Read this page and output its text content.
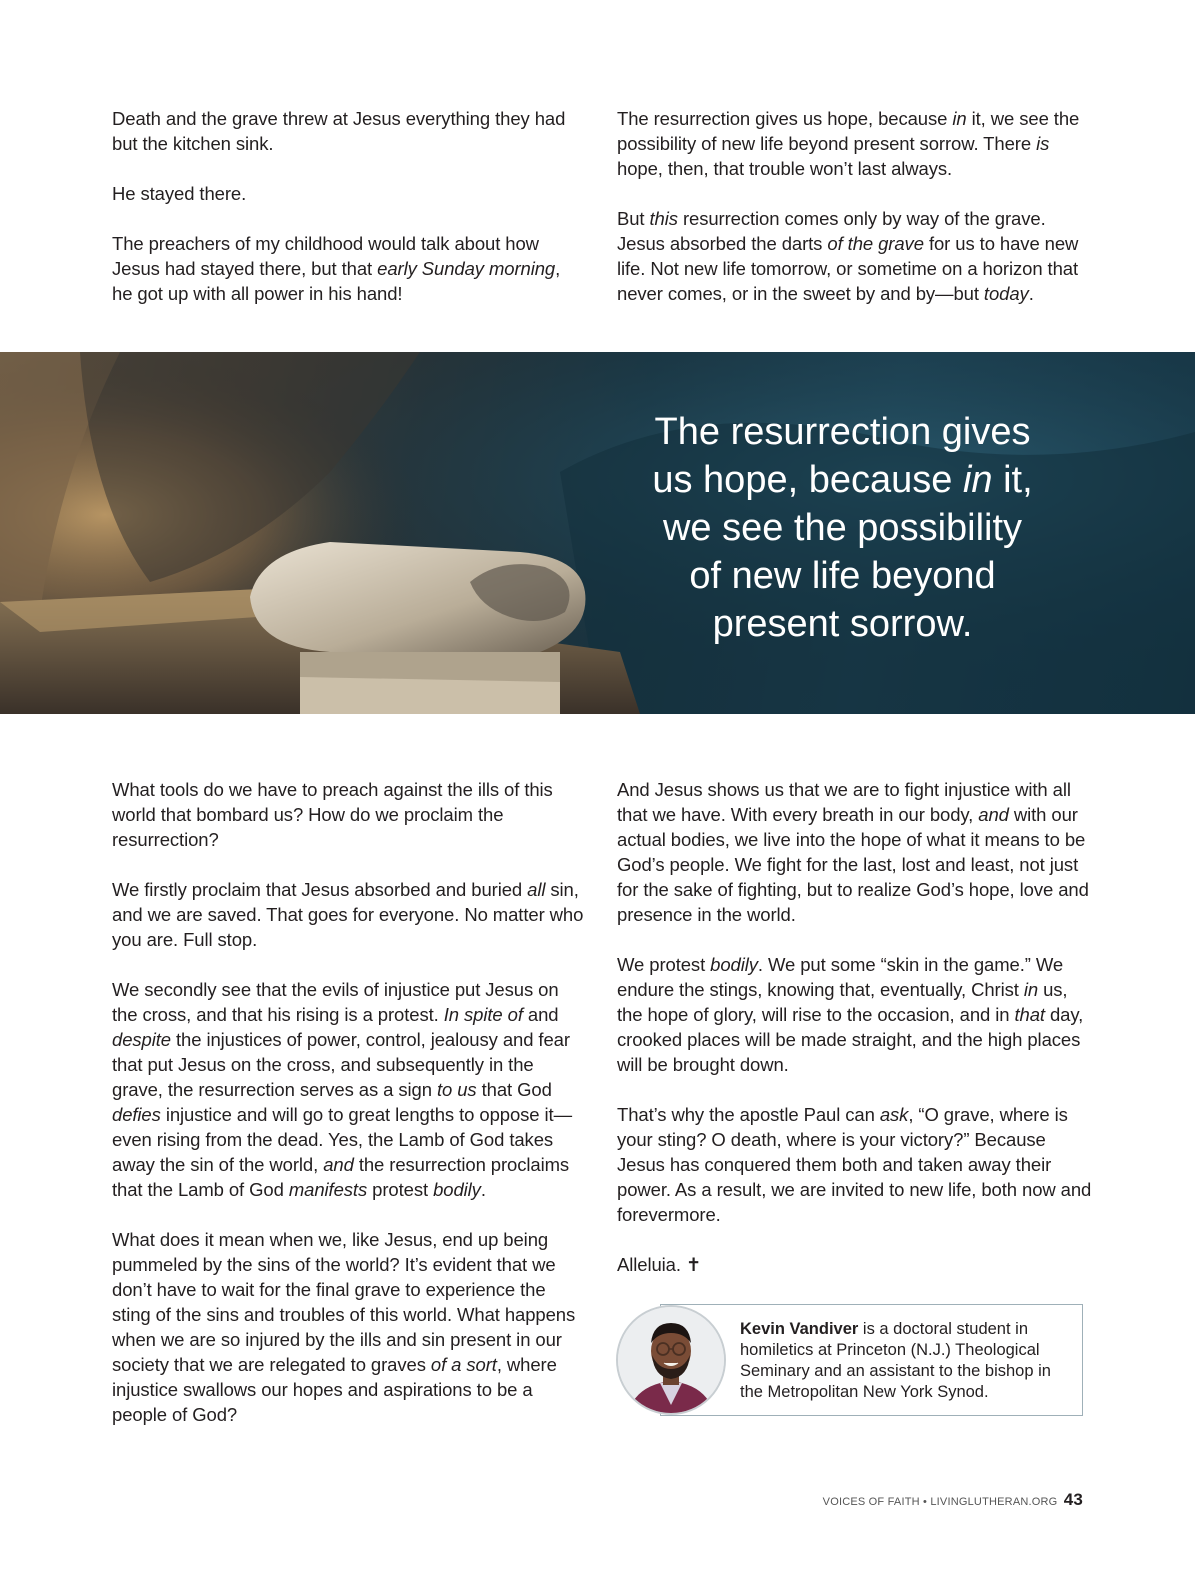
Death and the grave threw at Jesus everything they had but the kitchen sink.

He stayed there.

The preachers of my childhood would talk about how Jesus had stayed there, but that early Sunday morning, he got up with all power in his hand!

The resurrection gives us hope, because in it, we see the possibility of new life beyond present sorrow. There is hope, then, that trouble won’t last always.

But this resurrection comes only by way of the grave. Jesus absorbed the darts of the grave for us to have new life. Not new life tomorrow, or sometime on a horizon that never comes, or in the sweet by and by—but today.

The resurrection gives
us hope, because in it,
we see the possibility
of new life beyond
present sorrow.

What tools do we have to preach against the ills of this world that bombard us? How do we proclaim the resurrection?

We firstly proclaim that Jesus absorbed and buried all sin, and we are saved. That goes for everyone. No matter who you are. Full stop.

We secondly see that the evils of injustice put Jesus on the cross, and that his rising is a protest. In spite of and despite the injustices of power, control, jealousy and fear that put Jesus on the cross, and subsequently in the grave, the resurrection serves as a sign to us that God defies injustice and will go to great lengths to oppose it—even rising from the dead. Yes, the Lamb of God takes away the sin of the world, and the resurrection proclaims that the Lamb of God manifests protest bodily.

What does it mean when we, like Jesus, end up being pummeled by the sins of the world? It’s evident that we don’t have to wait for the final grave to experience the sting of the sins and troubles of this world. What happens when we are so injured by the ills and sin present in our society that we are relegated to graves of a sort, where injustice swallows our hopes and aspirations to be a people of God?

And Jesus shows us that we are to fight injustice with all that we have. With every breath in our body, and with our actual bodies, we live into the hope of what it means to be God’s people. We fight for the last, lost and least, not just for the sake of fighting, but to realize God’s hope, love and presence in the world.

We protest bodily. We put some “skin in the game.” We endure the stings, knowing that, eventually, Christ in us, the hope of glory, will rise to the occasion, and in that day, crooked places will be made straight, and the high places will be brought down.

That’s why the apostle Paul can ask, “O grave, where is your sting? O death, where is your victory?” Because Jesus has conquered them both and taken away their power. As a result, we are invited to new life, both now and forevermore.

Alleluia. ✝

Kevin Vandiver is a doctoral student in homiletics at Princeton (N.J.) Theological Seminary and an assistant to the bishop in the Metropolitan New York Synod.
VOICES OF FAITH • LIVINGLUTHERAN.ORG 43
